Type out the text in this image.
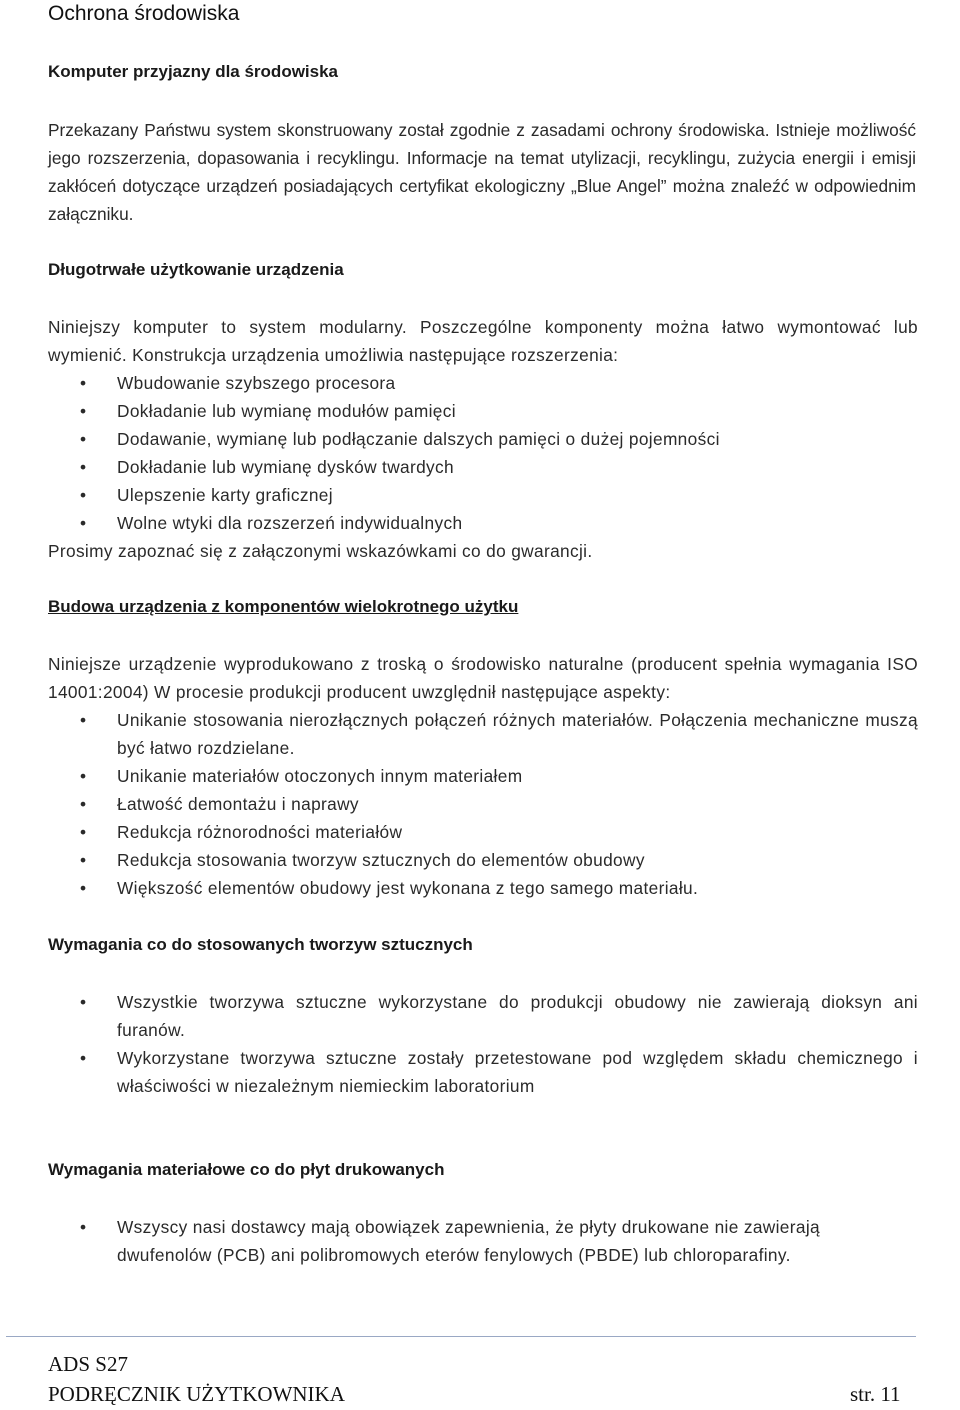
Ochrona środowiska
Komputer przyjazny dla środowiska
Przekazany Państwu system skonstruowany został zgodnie z zasadami ochrony środowiska. Istnieje możliwość jego rozszerzenia, dopasowania i recyklingu. Informacje na temat utylizacji, recyklingu, zużycia energii i emisji zakłóceń dotyczące urządzeń posiadających certyfikat ekologiczny „Blue Angel” można znaleźć w odpowiednim załączniku.
Długotrwałe użytkowanie urządzenia
Niniejszy komputer to system modularny. Poszczególne komponenty można łatwo wymontować lub wymienić. Konstrukcja urządzenia umożliwia następujące rozszerzenia:
• Wbudowanie szybszego procesora
• Dokładanie lub wymianę modułów pamięci
• Dodawanie, wymianę lub podłączanie dalszych pamięci o dużej pojemności
• Dokładanie lub wymianę dysków twardych
• Ulepszenie karty graficznej
• Wolne wtyki dla rozszerzeń indywidualnych
Prosimy zapoznać się z załączonymi wskazówkami co do gwarancji.
Budowa urządzenia z komponentów wielokrotnego użytku
Niniejsze urządzenie wyprodukowano z troską o środowisko naturalne (producent spełnia wymagania ISO 14001:2004) W procesie produkcji producent uwzględnił następujące aspekty:
• Unikanie stosowania nierozłącznych połączeń różnych materiałów. Połączenia mechaniczne muszą być łatwo rozdzielane.
• Unikanie materiałów otoczonych innym materiałem
• Łatwość demontażu i naprawy
• Redukcja różnorodności materiałów
• Redukcja stosowania tworzyw sztucznych do elementów obudowy
• Większość elementów obudowy jest wykonana z tego samego materiału.
Wymagania co do stosowanych tworzyw sztucznych
• Wszystkie tworzywa sztuczne wykorzystane do produkcji obudowy nie zawierają dioksyn ani furanów.
• Wykorzystane tworzywa sztuczne zostały przetestowane pod względem składu chemicznego i właściwości w niezależnym niemieckim laboratorium
Wymagania materiałowe co do płyt drukowanych
• Wszyscy nasi dostawcy mają obowiązek zapewnienia, że płyty drukowane nie zawierają dwufenolów (PCB) ani polibromowych eterów fenylowych (PBDE) lub chloroparafiny.
ADS S27
PODRĘCZNIK UŻYTKOWNIKA	str. 11
